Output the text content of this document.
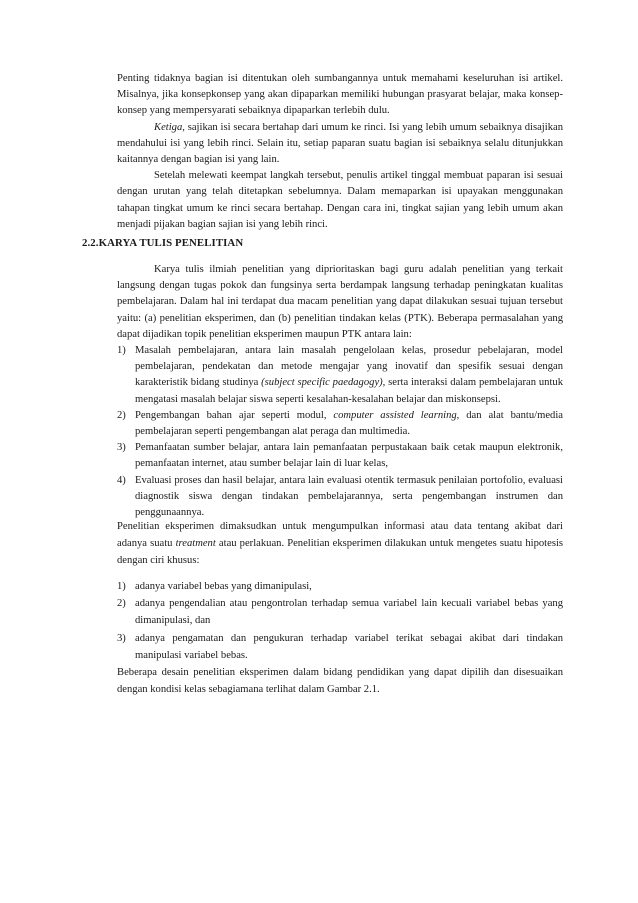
Penting tidaknya bagian isi ditentukan oleh sumbangannya untuk memahami keseluruhan isi artikel. Misalnya, jika konsepkonsep yang akan dipaparkan memiliki hubungan prasyarat belajar, maka konsep-konsep yang mempersyarati sebaiknya dipaparkan terlebih dulu.

Ketiga, sajikan isi secara bertahap dari umum ke rinci. Isi yang lebih umum sebaiknya disajikan mendahului isi yang lebih rinci. Selain itu, setiap paparan suatu bagian isi sebaiknya selalu ditunjukkan kaitannya dengan bagian isi yang lain.

Setelah melewati keempat langkah tersebut, penulis artikel tinggal membuat paparan isi sesuai dengan urutan yang telah ditetapkan sebelumnya. Dalam memaparkan isi upayakan menggunakan tahapan tingkat umum ke rinci secara bertahap. Dengan cara ini, tingkat sajian yang lebih umum akan menjadi pijakan bagian sajian isi yang lebih rinci.

2.2.KARYA TULIS PENELITIAN

Karya tulis ilmiah penelitian yang diprioritaskan bagi guru adalah penelitian yang terkait langsung dengan tugas pokok dan fungsinya serta berdampak langsung terhadap peningkatan kualitas pembelajaran. Dalam hal ini terdapat dua macam penelitian yang dapat dilakukan sesuai tujuan tersebut yaitu: (a) penelitian eksperimen, dan (b) penelitian tindakan kelas (PTK). Beberapa permasalahan yang dapat dijadikan topik penelitian eksperimen maupun PTK antara lain:

1) Masalah pembelajaran, antara lain masalah pengelolaan kelas, prosedur pebelajaran, model pembelajaran, pendekatan dan metode mengajar yang inovatif dan spesifik sesuai dengan karakteristik bidang studinya (subject specific paedagogy), serta interaksi dalam pembelajaran untuk mengatasi masalah belajar siswa seperti kesalahan-kesalahan belajar dan miskonsepsi.
2) Pengembangan bahan ajar seperti modul, computer assisted learning, dan alat bantu/media pembelajaran seperti pengembangan alat peraga dan multimedia.
3) Pemanfaatan sumber belajar, antara lain pemanfaatan perpustakaan baik cetak maupun elektronik, pemanfaatan internet, atau sumber belajar lain di luar kelas,
4) Evaluasi proses dan hasil belajar, antara lain evaluasi otentik termasuk penilaian portofolio, evaluasi diagnostik siswa dengan tindakan pembelajarannya, serta pengembangan instrumen dan penggunaannya.

Penelitian eksperimen dimaksudkan untuk mengumpulkan informasi atau data tentang akibat dari adanya suatu treatment atau perlakuan. Penelitian eksperimen dilakukan untuk mengetes suatu hipotesis dengan ciri khusus:

1) adanya variabel bebas yang dimanipulasi,
2) adanya pengendalian atau pengontrolan terhadap semua variabel lain kecuali variabel bebas yang dimanipulasi, dan
3) adanya pengamatan dan pengukuran terhadap variabel terikat sebagai akibat dari tindakan manipulasi variabel bebas.

Beberapa desain penelitian eksperimen dalam bidang pendidikan yang dapat dipilih dan disesuaikan dengan kondisi kelas sebagiamana terlihat dalam Gambar 2.1.
